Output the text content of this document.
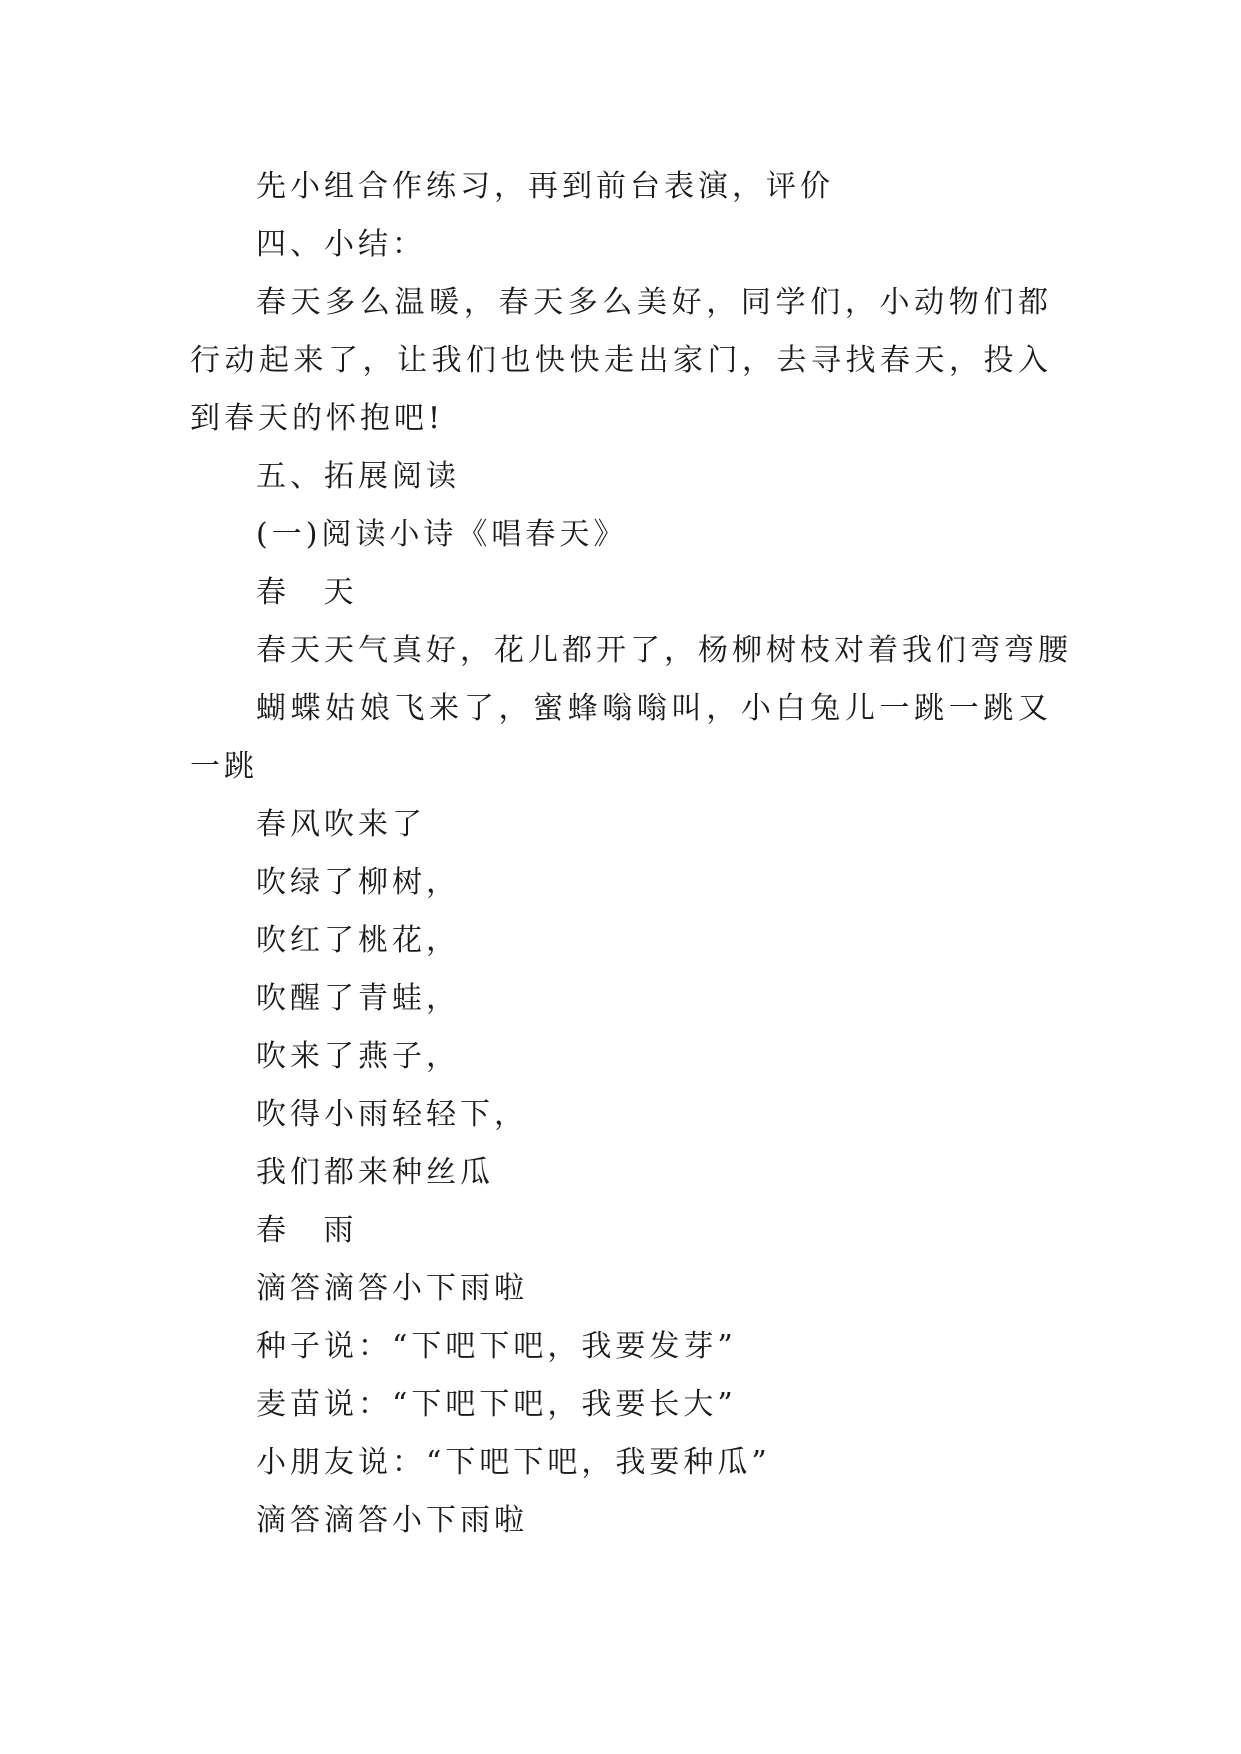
先小组合作练习，再到前台表演，评价
四、小结：
春天多么温暖，春天多么美好，同学们，小动物们都行动起来了，让我们也快快走出家门，去寻找春天，投入到春天的怀抱吧!
五、拓展阅读
(一)阅读小诗《唱春天》
春 天
春天天气真好，花儿都开了，杨柳树枝对着我们弯弯腰
蝴蝶姑娘飞来了，蜜蜂嗡嗡叫，小白兔儿一跳一跳又一跳
春风吹来了
吹绿了柳树，
吹红了桃花，
吹醒了青蛙，
吹来了燕子，
吹得小雨轻轻下，
我们都来种丝瓜
春 雨
滴答滴答小下雨啦
种子说：“下吧下吧，我要发芽”
麦苗说：“下吧下吧，我要长大”
小朋友说：“下吧下吧，我要种瓜”
滴答滴答小下雨啦
